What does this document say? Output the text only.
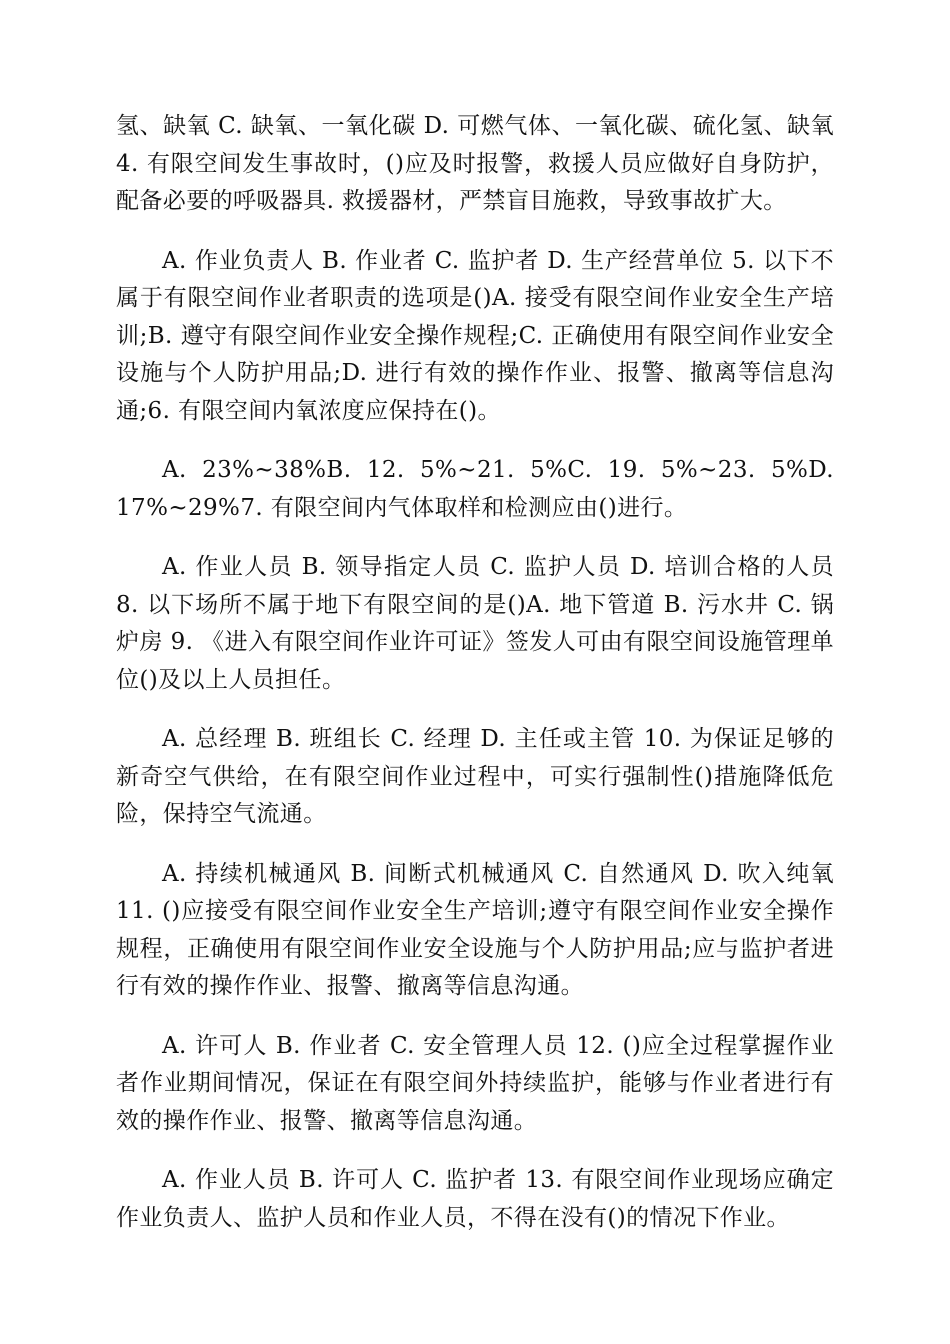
氢、缺氧 C. 缺氧、一氧化碳 D. 可燃气体、一氧化碳、硫化氢、缺氧 4. 有限空间发生事故时，()应及时报警，救援人员应做好自身防护，配备必要的呼吸器具. 救援器材，严禁盲目施救，导致事故扩大。

A. 作业负责人 B. 作业者 C. 监护者 D. 生产经营单位 5. 以下不属于有限空间作业者职责的选项是()A. 接受有限空间作业安全生产培训;B. 遵守有限空间作业安全操作规程;C. 正确使用有限空间作业安全设施与个人防护用品;D. 进行有效的操作作业、报警、撤离等信息沟通;6. 有限空间内氧浓度应保持在()。

A. 23%~38%B. 12. 5%~21. 5%C. 19. 5%~23. 5%D. 17%~29%7. 有限空间内气体取样和检测应由()进行。

A. 作业人员 B. 领导指定人员 C. 监护人员 D. 培训合格的人员 8. 以下场所不属于地下有限空间的是()A. 地下管道 B. 污水井 C. 锅炉房 9. 《进入有限空间作业许可证》签发人可由有限空间设施管理单位()及以上人员担任。

A. 总经理 B. 班组长 C. 经理 D. 主任或主管 10. 为保证足够的新奇空气供给，在有限空间作业过程中，可实行强制性()措施降低危险，保持空气流通。

A. 持续机械通风 B. 间断式机械通风 C. 自然通风 D. 吹入纯氧 11. ()应接受有限空间作业安全生产培训;遵守有限空间作业安全操作规程，正确使用有限空间作业安全设施与个人防护用品;应与监护者进行有效的操作作业、报警、撤离等信息沟通。

A. 许可人 B. 作业者 C. 安全管理人员 12. ()应全过程掌握作业者作业期间情况，保证在有限空间外持续监护，能够与作业者进行有效的操作作业、报警、撤离等信息沟通。

A. 作业人员 B. 许可人 C. 监护者 13. 有限空间作业现场应确定作业负责人、监护人员和作业人员，不得在没有()的情况下作业。
